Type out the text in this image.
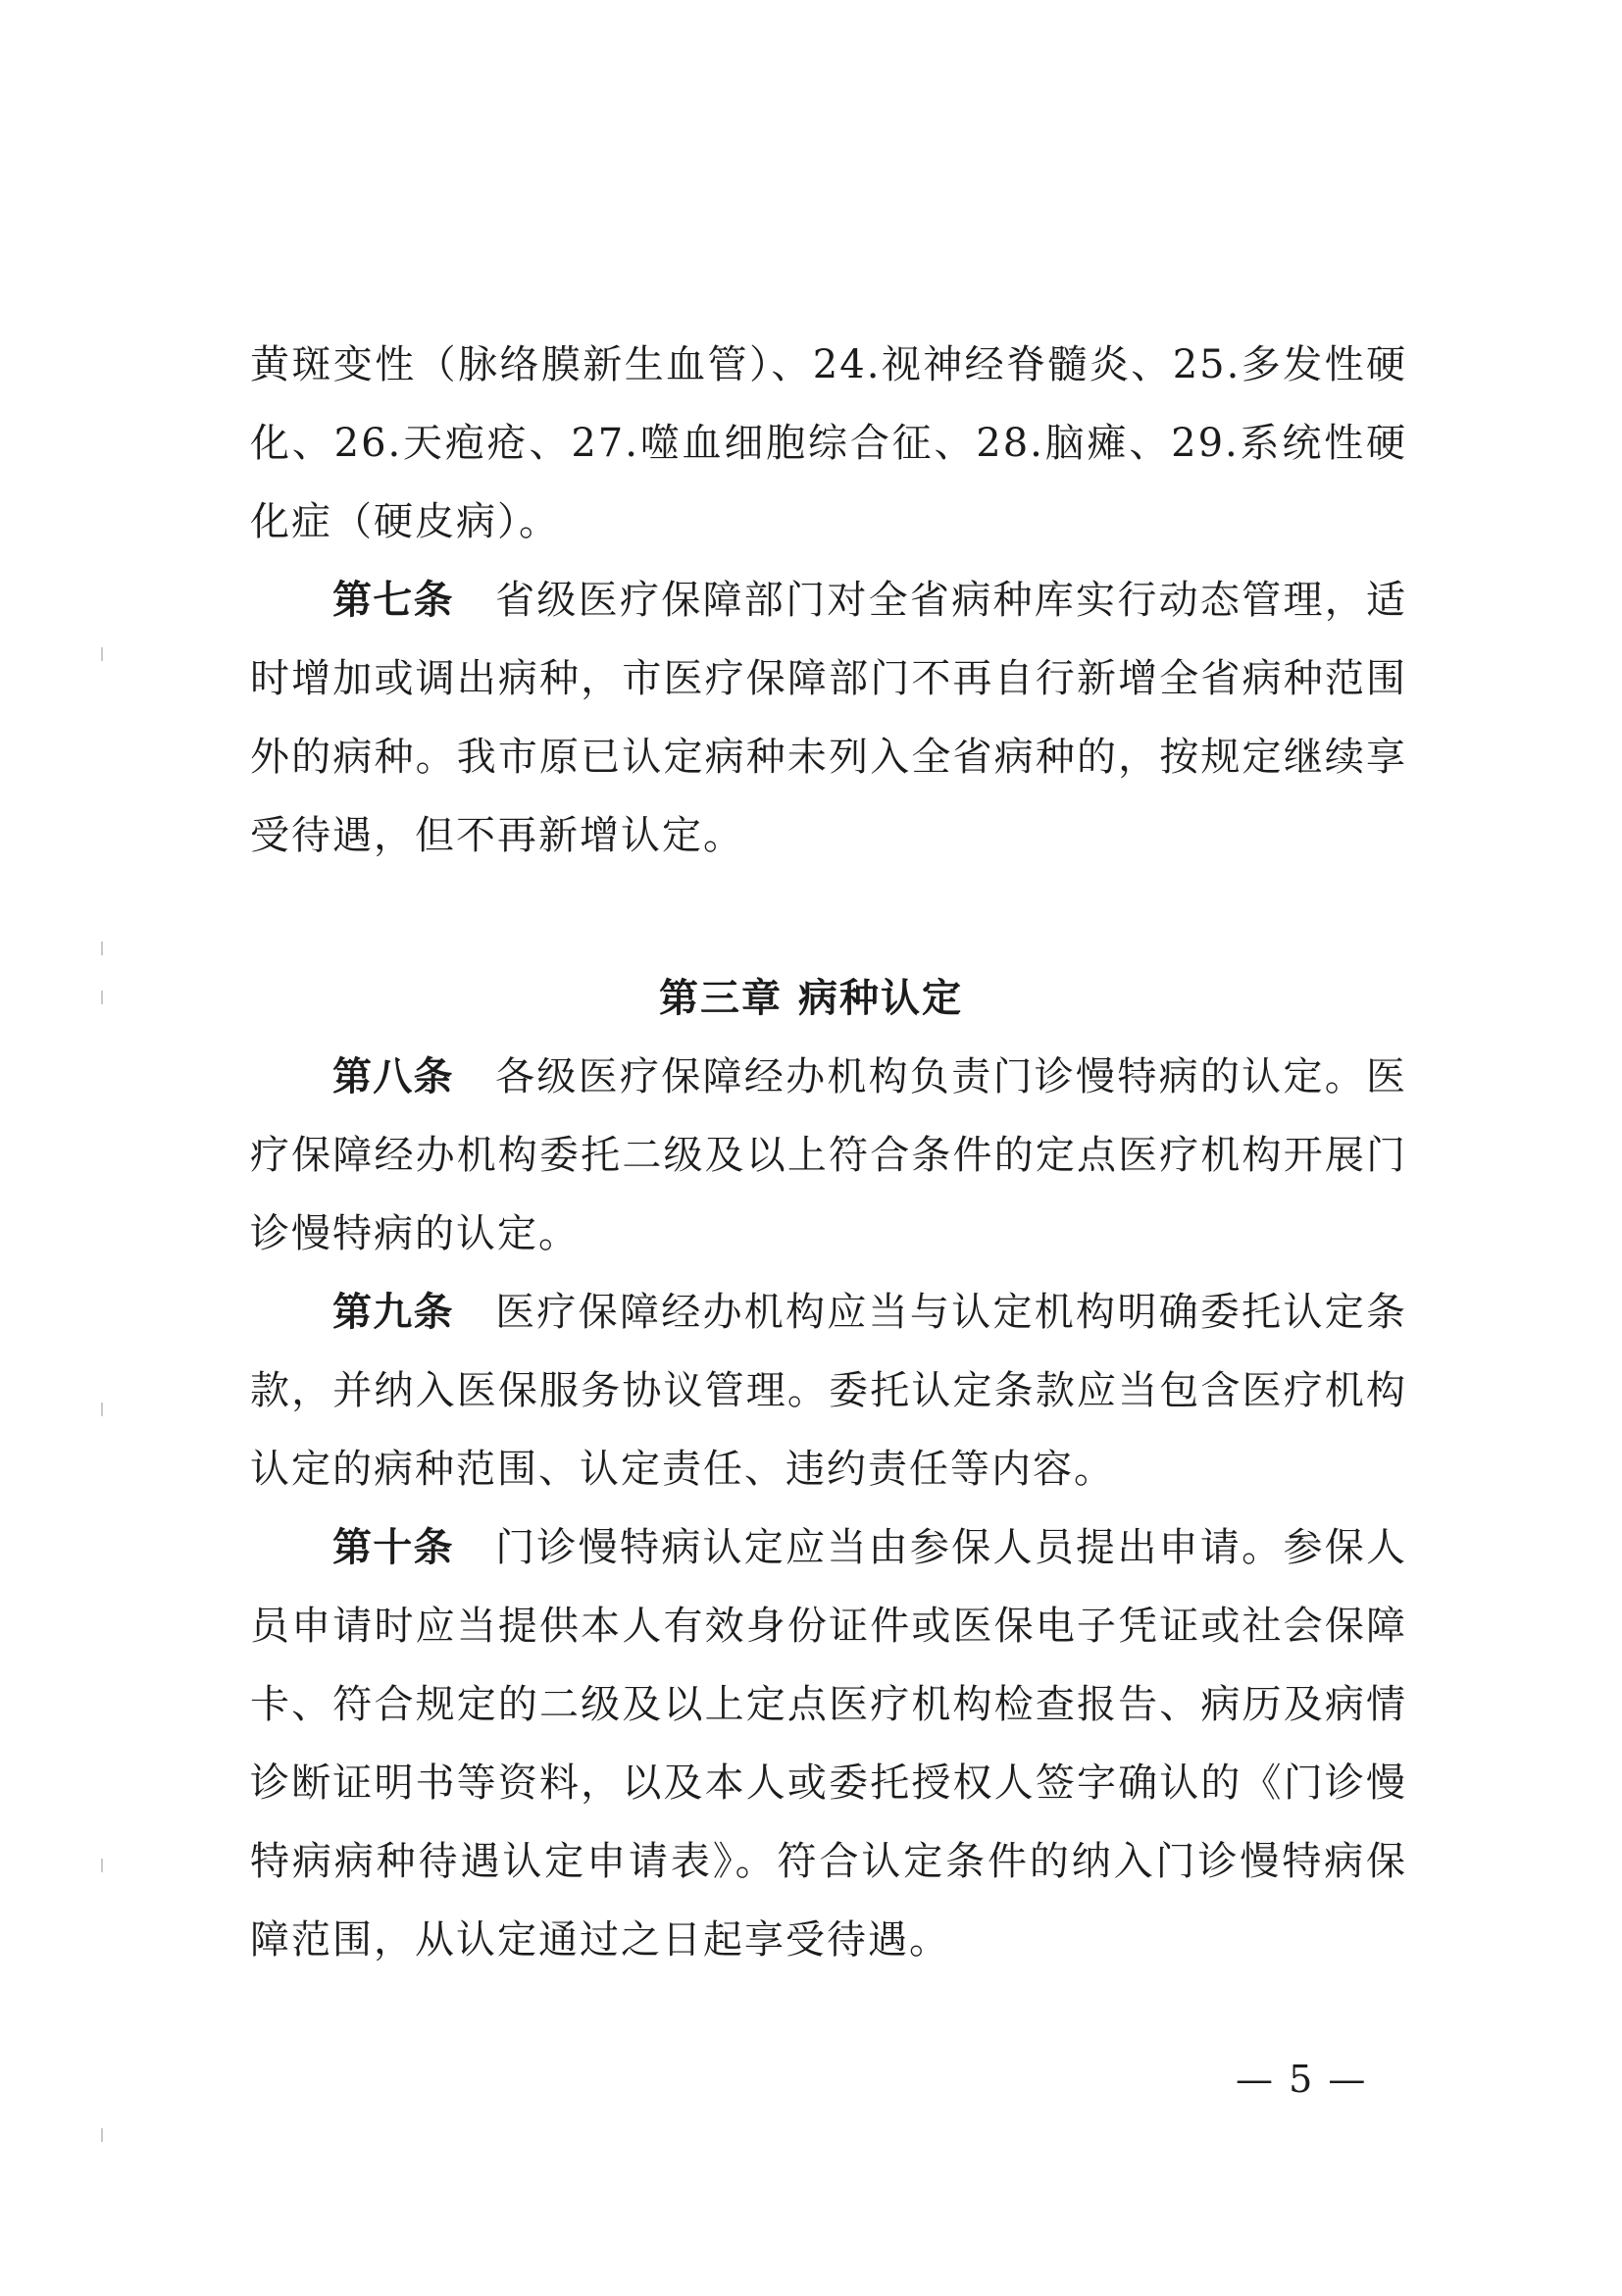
黄斑变性（脉络膜新生血管）、24.视神经脊髓炎、25.多发性硬化、26.天疱疮、27.噬血细胞综合征、28.脑瘫、29.系统性硬化症（硬皮病）。

第七条  省级医疗保障部门对全省病种库实行动态管理，适时增加或调出病种，市医疗保障部门不再自行新增全省病种范围外的病种。我市原已认定病种未列入全省病种的，按规定继续享受待遇，但不再新增认定。

第三章 病种认定

第八条  各级医疗保障经办机构负责门诊慢特病的认定。医疗保障经办机构委托二级及以上符合条件的定点医疗机构开展门诊慢特病的认定。

第九条  医疗保障经办机构应当与认定机构明确委托认定条款，并纳入医保服务协议管理。委托认定条款应当包含医疗机构认定的病种范围、认定责任、违约责任等内容。

第十条  门诊慢特病认定应当由参保人员提出申请。参保人员申请时应当提供本人有效身份证件或医保电子凭证或社会保障卡、符合规定的二级及以上定点医疗机构检查报告、病历及病情诊断证明书等资料，以及本人或委托授权人签字确认的《门诊慢特病病种待遇认定申请表》。符合认定条件的纳入门诊慢特病保障范围，从认定通过之日起享受待遇。

— 5 —
